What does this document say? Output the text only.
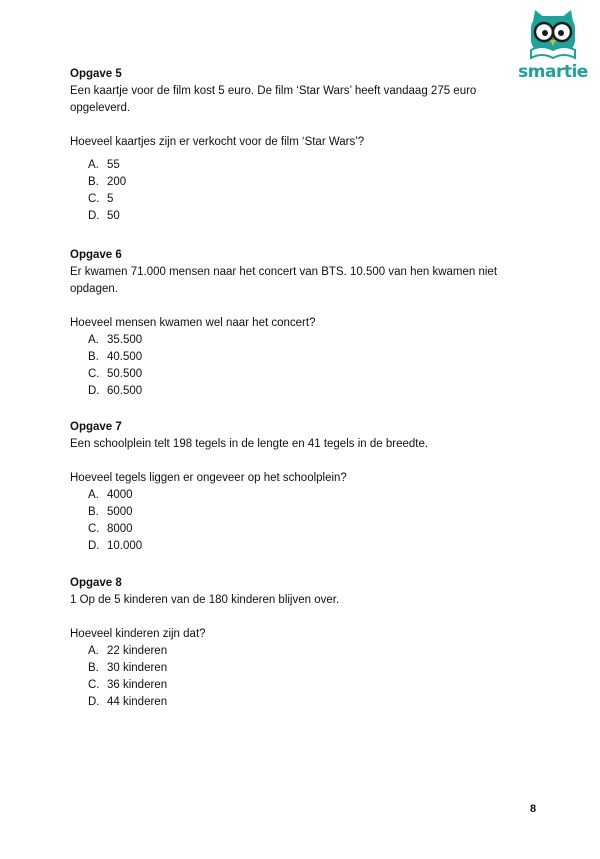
smartie
Opgave 5

Een kaartje voor de film kost 5 euro. De film ‘Star Wars’ heeft vandaag 275 euro opgeleverd.

Hoeveel kaartjes zijn er verkocht voor de film ‘Star Wars’?
A. 55
B. 200
C. 5
D. 50
Opgave 6

Er kwamen 71.000 mensen naar het concert van BTS. 10.500 van hen kwamen niet opdagen.

Hoeveel mensen kwamen wel naar het concert?
A. 35.500
B. 40.500
C. 50.500
D. 60.500
Opgave 7

Een schoolplein telt 198 tegels in de lengte en 41 tegels in de breedte.

Hoeveel tegels liggen er ongeveer op het schoolplein?
A. 4000
B. 5000
C. 8000
D. 10.000
Opgave 8

1 Op de 5 kinderen van de 180 kinderen blijven over.

Hoeveel kinderen zijn dat?
A. 22 kinderen
B. 30 kinderen
C. 36 kinderen
D. 44 kinderen
8
